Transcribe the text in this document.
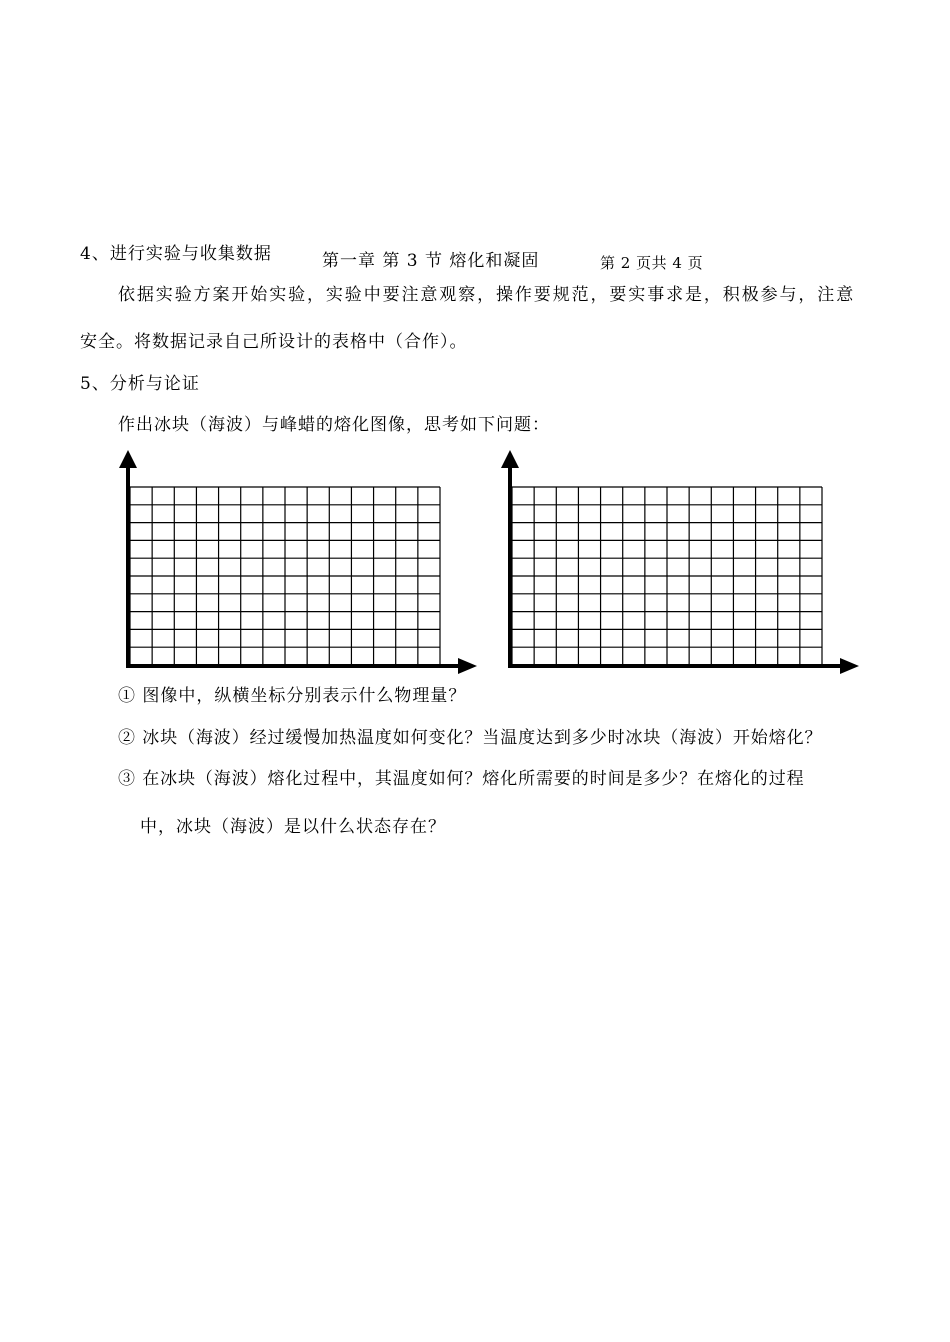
4、进行实验与收集数据	第一章 第 3 节 熔化和凝固	第 2 页共 4 页
依据实验方案开始实验，实验中要注意观察，操作要规范，要实事求是，积极参与，注意
安全。将数据记录自己所设计的表格中（合作）。
5、分析与论证
作出冰块（海波）与峰蜡的熔化图像，思考如下问题：
① 图像中，纵横坐标分别表示什么物理量？
② 冰块（海波）经过缓慢加热温度如何变化？当温度达到多少时冰块（海波）开始熔化？
③ 在冰块（海波）熔化过程中，其温度如何？熔化所需要的时间是多少？在熔化的过程
中，冰块（海波）是以什么状态存在？
